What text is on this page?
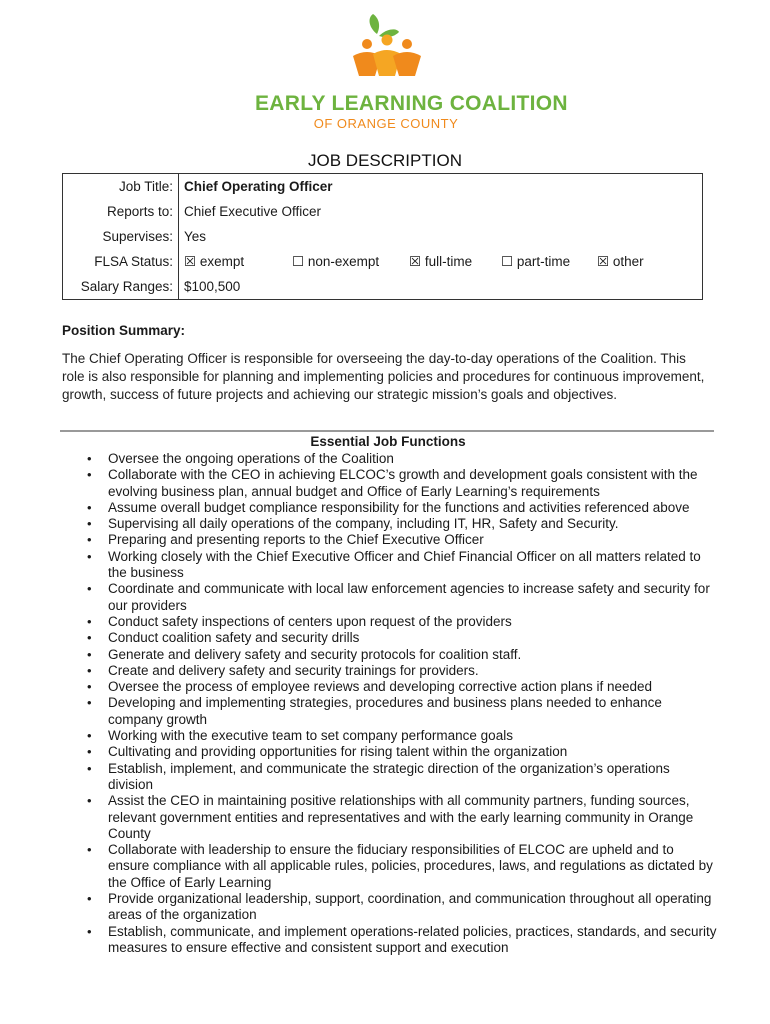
EARLY LEARNING COALITION
OF ORANGE COUNTY
JOB DESCRIPTION
Job Title:	Chief Operating Officer
Reports to:	Chief Executive Officer
Supervises:	Yes
FLSA Status:	☒ exempt ☐ non-exempt ☒ full-time ☐ part-time ☒ other

Salary Ranges:	$100,500
Position Summary:

The Chief Operating Officer is responsible for overseeing the day-to-day operations of the Coalition. This role is also responsible for planning and implementing policies and procedures for continuous improvement, growth, success of future projects and achieving our strategic mission’s goals and objectives.

Essential Job Functions
• Oversee the ongoing operations of the Coalition
• Collaborate with the CEO in achieving ELCOC’s growth and development goals consistent with the evolving business plan, annual budget and Office of Early Learning’s requirements
• Assume overall budget compliance responsibility for the functions and activities referenced above
• Supervising all daily operations of the company, including IT, HR, Safety and Security.
• Preparing and presenting reports to the Chief Executive Officer
• Working closely with the Chief Executive Officer and Chief Financial Officer on all matters related to the business
• Coordinate and communicate with local law enforcement agencies to increase safety and security for our providers
• Conduct safety inspections of centers upon request of the providers
• Conduct coalition safety and security drills
• Generate and delivery safety and security protocols for coalition staff.
• Create and delivery safety and security trainings for providers.
• Oversee the process of employee reviews and developing corrective action plans if needed
• Developing and implementing strategies, procedures and business plans needed to enhance company growth
• Working with the executive team to set company performance goals
• Cultivating and providing opportunities for rising talent within the organization
• Establish, implement, and communicate the strategic direction of the organization’s operations division
• Assist the CEO in maintaining positive relationships with all community partners, funding sources, relevant government entities and representatives and with the early learning community in Orange County
• Collaborate with leadership to ensure the fiduciary responsibilities of ELCOC are upheld and to ensure compliance with all applicable rules, policies, procedures, laws, and regulations as dictated by the Office of Early Learning
• Provide organizational leadership, support, coordination, and communication throughout all operating areas of the organization
• Establish, communicate, and implement operations-related policies, practices, standards, and security measures to ensure effective and consistent support and execution
